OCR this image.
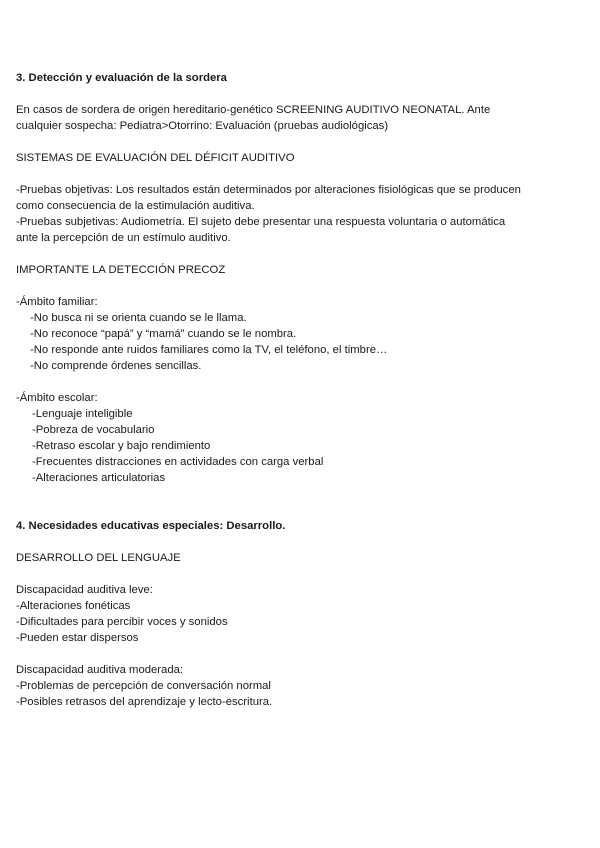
3. Detección y evaluación de la sordera
En casos de sordera de origen hereditario-genético SCREENING AUDITIVO NEONATAL. Ante
cualquier sospecha: Pediatra>Otorrino: Evaluación (pruebas audiológicas)
SISTEMAS DE EVALUACIÓN DEL DÉFICIT AUDITIVO
-Pruebas objetivas: Los resultados están determinados por alteraciones fisiológicas que se producen
como consecuencia de la estimulación auditiva.
-Pruebas subjetivas: Audiometría. El sujeto debe presentar una respuesta voluntaria o automática
ante la percepción de un estímulo auditivo.
IMPORTANTE LA DETECCIÓN PRECOZ
-Ámbito familiar:
-No busca ni se orienta cuando se le llama.
-No reconoce “papá” y “mamá” cuando se le nombra.
-No responde ante ruidos familiares como la TV, el teléfono, el timbre…
-No comprende órdenes sencillas.
-Ámbito escolar:
-Lenguaje inteligible
-Pobreza de vocabulario
-Retraso escolar y bajo rendimiento
-Frecuentes distracciones en actividades con carga verbal
-Alteraciones articulatorias
4. Necesidades educativas especiales: Desarrollo.
DESARROLLO DEL LENGUAJE
Discapacidad auditiva leve:
-Alteraciones fonéticas
-Dificultades para percibir voces y sonidos
-Pueden estar dispersos
Discapacidad auditiva moderada:
-Problemas de percepción de conversación normal
-Posibles retrasos del aprendizaje y lecto-escritura.
